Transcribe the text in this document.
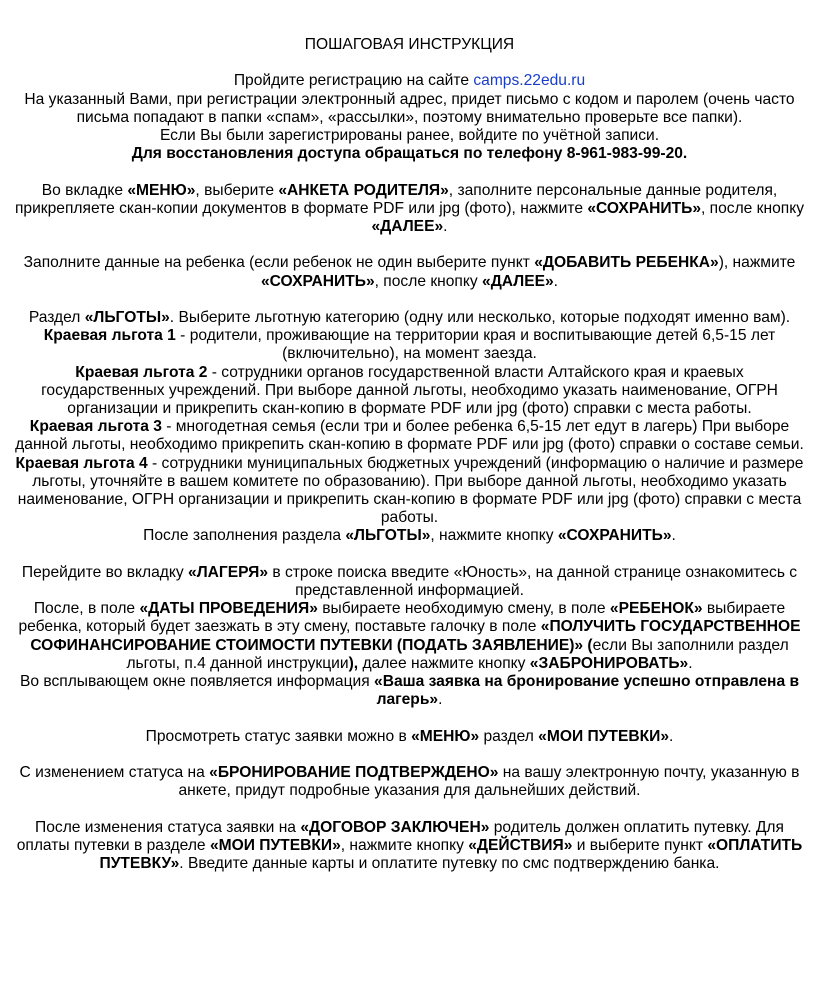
ПОШАГОВАЯ ИНСТРУКЦИЯ

Пройдите регистрацию на сайте camps.22edu.ru

На указанный Вами, при регистрации электронный адрес, придет письмо с кодом и паролем (очень часто письма попадают в папки «спам», «рассылки», поэтому внимательно проверьте все папки).

Если Вы были зарегистрированы ранее, войдите по учётной записи.

Для восстановления доступа обращаться по телефону 8-961-983-99-20.

Во вкладке «МЕНЮ», выберите «АНКЕТА РОДИТЕЛЯ», заполните персональные данные родителя, прикрепляете скан-копии документов в формате PDF или jpg (фото), нажмите «СОХРАНИТЬ», после кнопку «ДАЛЕЕ».

Заполните данные на ребенка (если ребенок не один выберите пункт «ДОБАВИТЬ РЕБЕНКА»), нажмите «СОХРАНИТЬ», после кнопку «ДАЛЕЕ».

Раздел «ЛЬГОТЫ». Выберите льготную категорию (одну или несколько, которые подходят именно вам).

Краевая льгота 1 - родители, проживающие на территории края и воспитывающие детей 6,5-15 лет (включительно), на момент заезда.

Краевая льгота 2 - сотрудники органов государственной власти Алтайского края и краевых государственных учреждений. При выборе данной льготы, необходимо указать наименование, ОГРН организации и прикрепить скан-копию в формате PDF или jpg (фото) справки с места работы.

Краевая льгота 3 - многодетная семья (если три и более ребенка 6,5-15 лет едут в лагерь) При выборе данной льготы, необходимо прикрепить скан-копию в формате PDF или jpg (фото) справки о составе семьи.

Краевая льгота 4 - сотрудники муниципальных бюджетных учреждений (информацию о наличие и размере льготы, уточняйте в вашем комитете по образованию). При выборе данной льготы, необходимо указать наименование, ОГРН организации и прикрепить скан-копию в формате PDF или jpg (фото) справки с места работы.

После заполнения раздела «ЛЬГОТЫ», нажмите кнопку «СОХРАНИТЬ».

Перейдите во вкладку «ЛАГЕРЯ» в строке поиска введите «Юность», на данной странице ознакомитесь с представленной информацией.

После, в поле «ДАТЫ ПРОВЕДЕНИЯ» выбираете необходимую смену, в поле «РЕБЕНОК» выбираете ребенка, который будет заезжать в эту смену, поставьте галочку в поле «ПОЛУЧИТЬ ГОСУДАРСТВЕННОЕ СОФИНАНСИРОВАНИЕ СТОИМОСТИ ПУТЕВКИ (ПОДАТЬ ЗАЯВЛЕНИЕ)» (если Вы заполнили раздел льготы, п.4 данной инструкции), далее нажмите кнопку «ЗАБРОНИРОВАТЬ».

Во всплывающем окне появляется информация «Ваша заявка на бронирование успешно отправлена в лагерь».

Просмотреть статус заявки можно в «МЕНЮ» раздел «МОИ ПУТЕВКИ».

С изменением статуса на «БРОНИРОВАНИЕ ПОДТВЕРЖДЕНО» на вашу электронную почту, указанную в анкете, придут подробные указания для дальнейших действий.

После изменения статуса заявки на «ДОГОВОР ЗАКЛЮЧЕН» родитель должен оплатить путевку. Для оплаты путевки в разделе «МОИ ПУТЕВКИ», нажмите кнопку «ДЕЙСТВИЯ» и выберите пункт «ОПЛАТИТЬ ПУТЕВКУ». Введите данные карты и оплатите путевку по смс подтверждению банка.
